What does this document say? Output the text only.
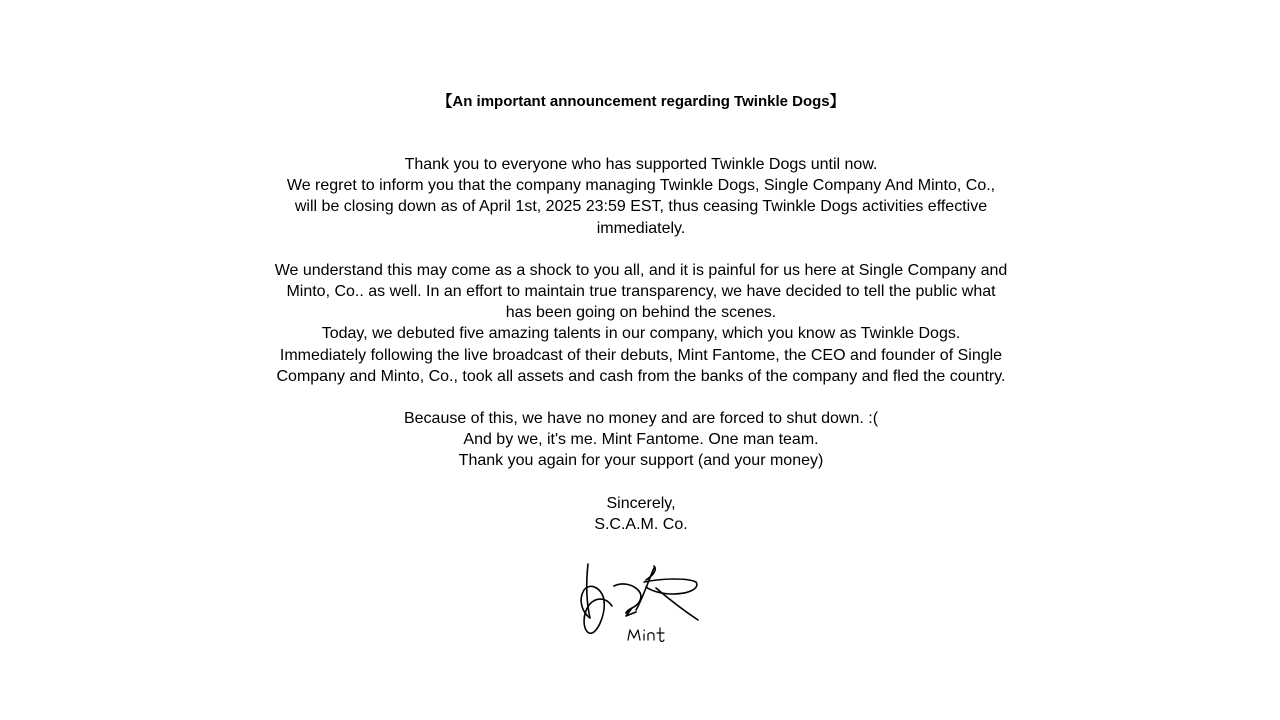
【An important announcement regarding Twinkle Dogs】
Thank you to everyone who has supported Twinkle Dogs until now.
We regret to inform you that the company managing Twinkle Dogs, Single Company And Minto, Co., will be closing down as of April 1st, 2025 23:59 EST, thus ceasing Twinkle Dogs activities effective immediately.
We understand this may come as a shock to you all, and it is painful for us here at Single Company and Minto, Co.. as well. In an effort to maintain true transparency, we have decided to tell the public what has been going on behind the scenes.
Today, we debuted five amazing talents in our company, which you know as Twinkle Dogs.
Immediately following the live broadcast of their debuts, Mint Fantome, the CEO and founder of Single Company and Minto, Co., took all assets and cash from the banks of the company and fled the country.
Because of this, we have no money and are forced to shut down. :(
And by we, it's me. Mint Fantome. One man team.
Thank you again for your support (and your money)
Sincerely,
S.C.A.M. Co.
